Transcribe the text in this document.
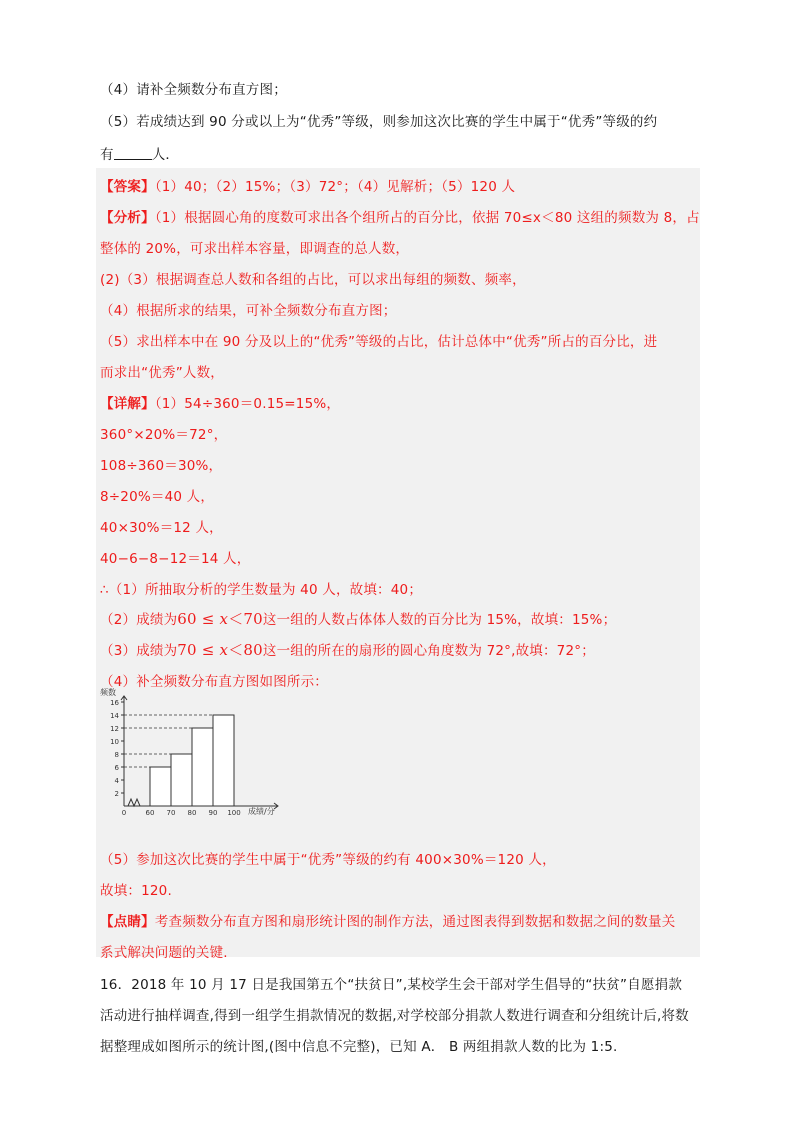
（4）请补全频数分布直方图；
（5）若成绩达到 90 分或以上为“优秀”等级，则参加这次比赛的学生中属于“优秀”等级的约
有	人．
【答案】（1）40；（2）15%；（3）72°；（4）见解析；（5）120 人
【分析】（1）根据圆心角的度数可求出各个组所占的百分比，依据 70≤x＜80 这组的频数为 8，占
整体的 20%，可求出样本容量，即调查的总人数，
(2)（3）根据调查总人数和各组的占比，可以求出每组的频数、频率，
（4）根据所求的结果，可补全频数分布直方图；
（5）求出样本中在 90 分及以上的“优秀”等级的占比，估计总体中“优秀”所占的百分比，进
而求出“优秀”人数，
【详解】（1）54÷360＝0.15=15%，
360°×20%＝72°，
108÷360＝30%，
8÷20%＝40 人，
40×30%＝12 人，
40−6−8−12＝14 人，
∴（1）所抽取分析的学生数量为 40 人，故填：40；
（2）成绩为60 ≤ x＜70这一组的人数占体体人数的百分比为 15%，故填：15%；
（3）成绩为70 ≤ x＜80这一组的所在的扇形的圆心角度数为 72°,故填：72°；
（4）补全频数分布直方图如图所示：
2
4
6
8
10
12
14
16
0	60 70 80 90 100
频数
成绩/分
（5）参加这次比赛的学生中属于“优秀”等级的约有 400×30%＝120 人，
故填：120.
【点睛】考查频数分布直方图和扇形统计图的制作方法，通过图表得到数据和数据之间的数量关
系式解决问题的关键.
16．2018 年 10 月 17 日是我国第五个“扶贫日”,某校学生会干部对学生倡导的“扶贫”自愿捐款
活动进行抽样调查,得到一组学生捐款情况的数据,对学校部分捐款人数进行调查和分组统计后,将数
据整理成如图所示的统计图,(图中信息不完整)，已知 A． B 两组捐款人数的比为 1:5.
